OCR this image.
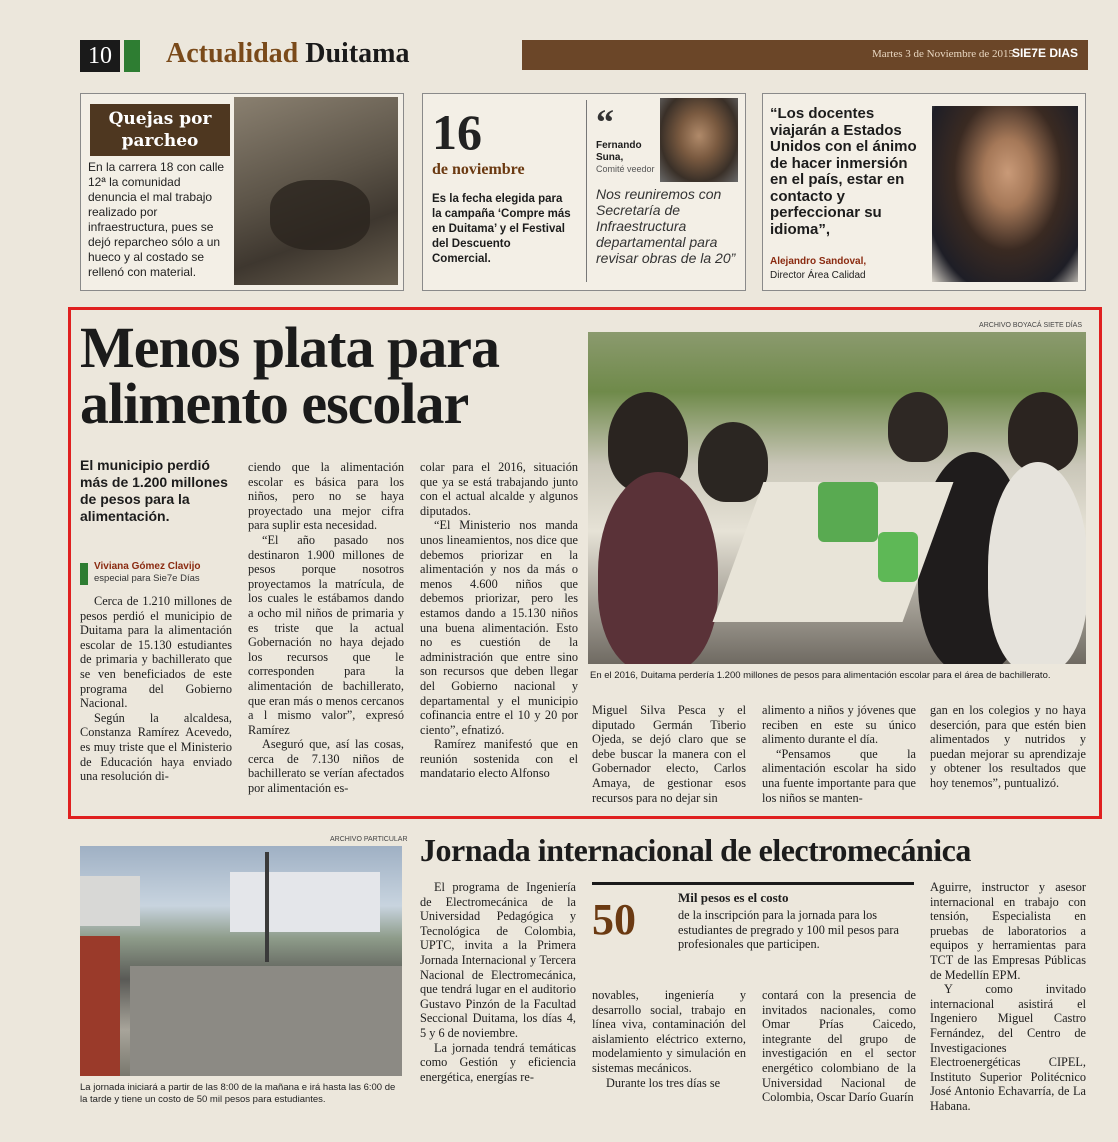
10 Actualidad Duitama	Martes 3 de Noviembre de 2015
SIE7E DIAS
Quejas por
parcheo
En la carrera 18 con calle 12ª la comunidad denuncia el mal trabajo realizado por infraestructura, pues se dejó reparcheo sólo a un hueco y al costado se rellenó con material.
16
de noviembre
Es la fecha elegida para la campaña ‘Compre más en Duitama’ y el Festival del Descuento Comercial.
“
Fernando Suna,
Comité veedor
Nos reuniremos con Secretaría de Infraestructura departamental para revisar obras de la 20”
“Los docentes viajarán a Estados Unidos con el ánimo de hacer inmersión en el país, estar en contacto y perfeccionar su idioma”,
Alejandro Sandoval,
Director Área Calidad
Menos plata para alimento escolar
ARCHIVO BOYACÁ SIETE DÍAS
En el 2016, Duitama perdería 1.200 millones de pesos para alimentación escolar para el área de bachillerato.
El municipio perdió más de 1.200 millones de pesos para la alimentación.
Viviana Gómez Clavijo
especial para Sie7e Días

Cerca de 1.210 millones de pesos perdió el municipio de Duitama para la alimentación escolar de 15.130 estudiantes de primaria y bachillerato que se ven beneficiados de este programa del Gobierno Nacional.

Según la alcaldesa, Constanza Ramírez Acevedo, es muy triste que el Ministerio de Educación haya enviado una resolución di-

ciendo que la alimentación escolar es básica para los niños, pero no se haya proyectado una mejor cifra para suplir esta necesidad.

“El año pasado nos destinaron 1.900 millones de pesos porque nosotros proyectamos la matrícula, de los cuales le estábamos dando a ocho mil niños de primaria y es triste que la actual Gobernación no haya dejado los recursos que le corresponden para la alimentación de bachillerato, que eran más o menos cercanos a l mismo valor”, expresó Ramírez

Aseguró que, así las cosas, cerca de 7.130 niños de bachillerato se verían afectados por alimentación es-

colar para el 2016, situación que ya se está trabajando junto con el actual alcalde y algunos diputados.

“El Ministerio nos manda unos lineamientos, nos dice que debemos priorizar en la alimentación y nos da más o menos 4.600 niños que debemos priorizar, pero les estamos dando a 15.130 niños una buena alimentación. Esto no es cuestión de la administración que entre sino son recursos que deben llegar del Gobierno nacional y departamental y el municipio cofinancia entre el 10 y 20 por ciento”, efnatizó.

Ramírez manifestó que en reunión sostenida con el mandatario electo Alfonso

Miguel Silva Pesca y el diputado Germán Tiberio Ojeda, se dejó claro que se debe buscar la manera con el Gobernador electo, Carlos Amaya, de gestionar esos recursos para no dejar sin

alimento a niños y jóvenes que reciben en este su único alimento durante el día.

“Pensamos que la alimentación escolar ha sido una fuente importante para que los niños se manten-

gan en los colegios y no haya deserción, para que estén bien alimentados y nutridos y puedan mejorar su aprendizaje y obtener los resultados que hoy tenemos”, puntualizó.

ARCHIVO PARTICULAR
La jornada iniciará a partir de las 8:00 de la mañana e irá hasta las 6:00 de la tarde y tiene un costo de 50 mil pesos para estudiantes.
Jornada internacional de electromecánica

El programa de Ingeniería de Electromecánica de la Universidad Pedagógica y Tecnológica de Colombia, UPTC, invita a la Primera Jornada Internacional y Tercera Nacional de Electromecánica, que tendrá lugar en el auditorio Gustavo Pinzón de la Facultad Seccional Duitama, los días 4, 5 y 6 de noviembre.

La jornada tendrá temáticas como Gestión y eficiencia energética, energías re-

50	Mil pesos es el costo
de la inscripción para la jornada para los estudiantes de pregrado y 100 mil pesos para profesionales que participen.

novables, ingeniería y desarrollo social, trabajo en línea viva, contaminación del aislamiento eléctrico externo, modelamiento y simulación en sistemas mecánicos.

Durante los tres días se

contará con la presencia de invitados nacionales, como Omar Prías Caicedo, integrante del grupo de investigación en el sector energético colombiano de la Universidad Nacional de Colombia, Oscar Darío Guarín

Aguirre, instructor y asesor internacional en trabajo con tensión, Especialista en pruebas de laboratorios a equipos y herramientas para TCT de las Empresas Públicas de Medellín EPM.

Y como invitado internacional asistirá el Ingeniero Miguel Castro Fernández, del Centro de Investigaciones Electroenergéticas CIPEL, Instituto Superior Politécnico José Antonio Echavarría, de La Habana.
